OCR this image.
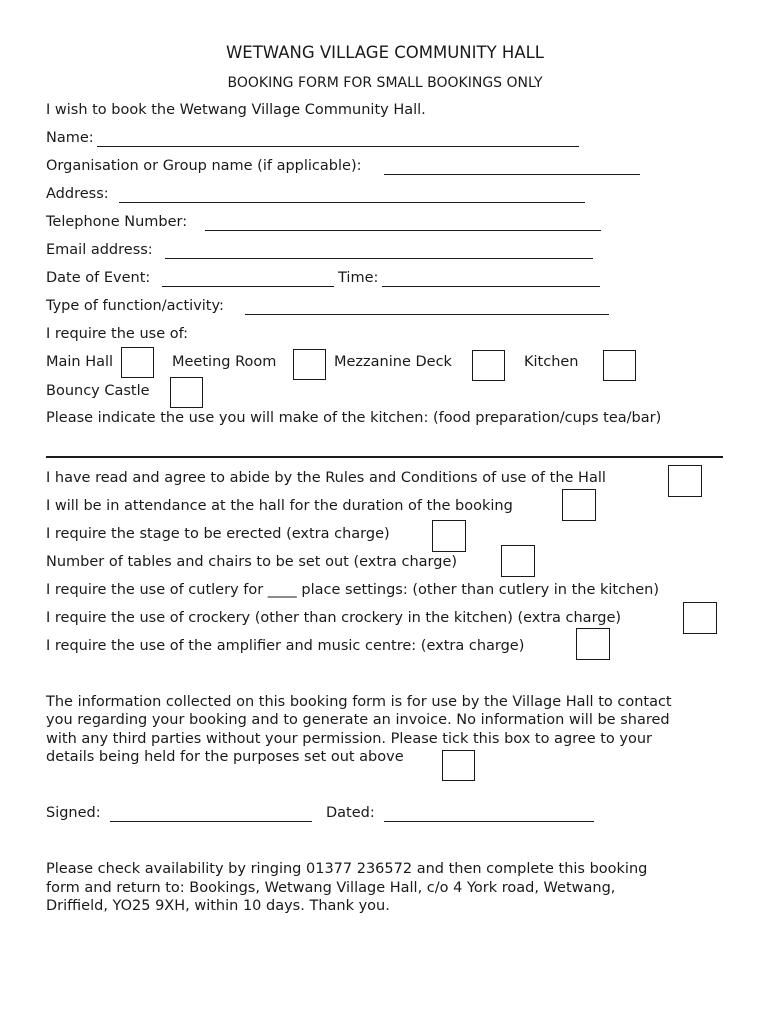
WETWANG VILLAGE COMMUNITY HALL
BOOKING FORM FOR SMALL BOOKINGS ONLY
I wish to book the Wetwang Village Community Hall.
Name:
Organisation or Group name (if applicable):
Address:
Telephone Number:
Email address:
Date of Event:	Time:
Type of function/activity:
I require the use of:
Main Hall	Meeting Room	Mezzanine Deck	Kitchen
Bouncy Castle
Please indicate the use you will make of the kitchen: (food preparation/cups tea/bar)
I have read and agree to abide by the Rules and Conditions of use of the Hall
I will be in attendance at the hall for the duration of the booking
I require the stage to be erected (extra charge)
Number of tables and chairs to be set out (extra charge)
I require the use of cutlery for ____ place settings: (other than cutlery in the kitchen)
I require the use of crockery (other than crockery in the kitchen) (extra charge)
I require the use of the amplifier and music centre: (extra charge)
The information collected on this booking form is for use by the Village Hall to contact
you regarding your booking and to generate an invoice. No information will be shared
with any third parties without your permission. Please tick this box to agree to your
details being held for the purposes set out above
Signed:	Dated:
Please check availability by ringing 01377 236572 and then complete this booking
form and return to: Bookings, Wetwang Village Hall, c/o 4 York road, Wetwang,
Driffield, YO25 9XH, within 10 days. Thank you.
